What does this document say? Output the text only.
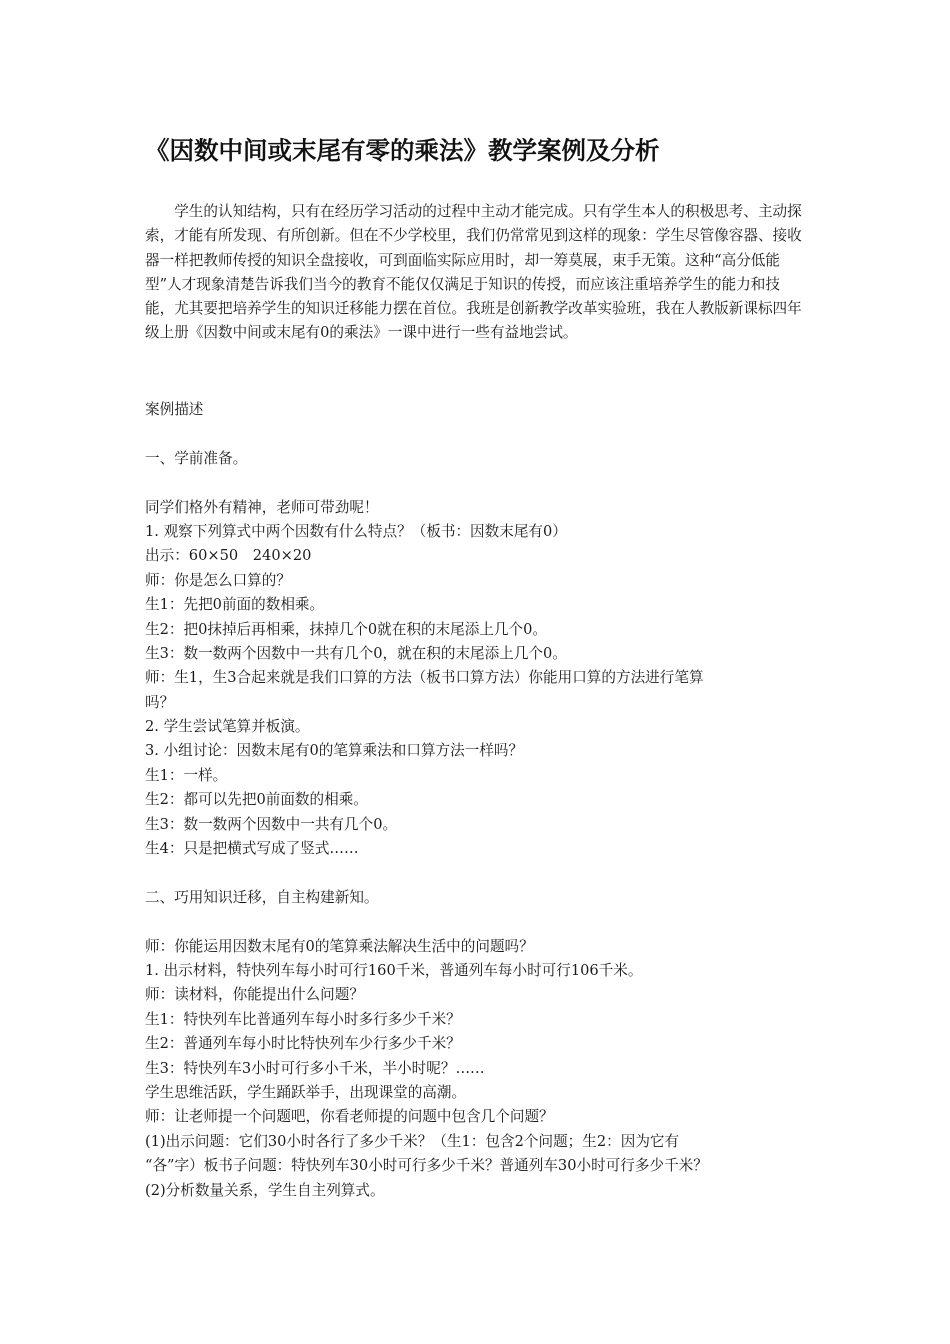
《因数中间或末尾有零的乘法》教学案例及分析

学生的认知结构，只有在经历学习活动的过程中主动才能完成。只有学生本人的积极思考、主动探索，才能有所发现、有所创新。但在不少学校里，我们仍常常见到这样的现象：学生尽管像容器、接收器一样把教师传授的知识全盘接收，可到面临实际应用时，却一筹莫展，束手无策。这种“高分低能型”人才现象清楚告诉我们当今的教育不能仅仅满足于知识的传授，而应该注重培养学生的能力和技能，尤其要把培养学生的知识迁移能力摆在首位。我班是创新教学改革实验班，我在人教版新课标四年级上册《因数中间或末尾有0的乘法》一课中进行一些有益地尝试。

案例描述
一、学前准备。
同学们格外有精神，老师可带劲呢！
1. 观察下列算式中两个因数有什么特点？（板书：因数末尾有0）
出示：60×50　240×20
师：你是怎么口算的？
生1：先把0前面的数相乘。
生2：把0抹掉后再相乘，抹掉几个0就在积的末尾添上几个0。
生3：数一数两个因数中一共有几个0，就在积的末尾添上几个0。
师：生1，生3合起来就是我们口算的方法（板书口算方法）你能用口算的方法进行笔算
吗？
2. 学生尝试笔算并板演。
3. 小组讨论：因数末尾有0的笔算乘法和口算方法一样吗？
生1：一样。
生2：都可以先把0前面数的相乘。
生3：数一数两个因数中一共有几个0。
生4：只是把横式写成了竖式……
二、巧用知识迁移，自主构建新知。
师：你能运用因数末尾有0的笔算乘法解决生活中的问题吗？
1. 出示材料，特快列车每小时可行160千米，普通列车每小时可行106千米。
师：读材料，你能提出什么问题？
生1：特快列车比普通列车每小时多行多少千米？
生2：普通列车每小时比特快列车少行多少千米？
生3：特快列车3小时可行多小千米，半小时呢？……
学生思维活跃，学生踊跃举手，出现课堂的高潮。
师：让老师提一个问题吧，你看老师提的问题中包含几个问题？
(1)出示问题：它们30小时各行了多少千米？（生1：包含2个问题；生2：因为它有
“各”字）板书子问题：特快列车30小时可行多少千米？普通列车30小时可行多少千米？
(2)分析数量关系，学生自主列算式。
